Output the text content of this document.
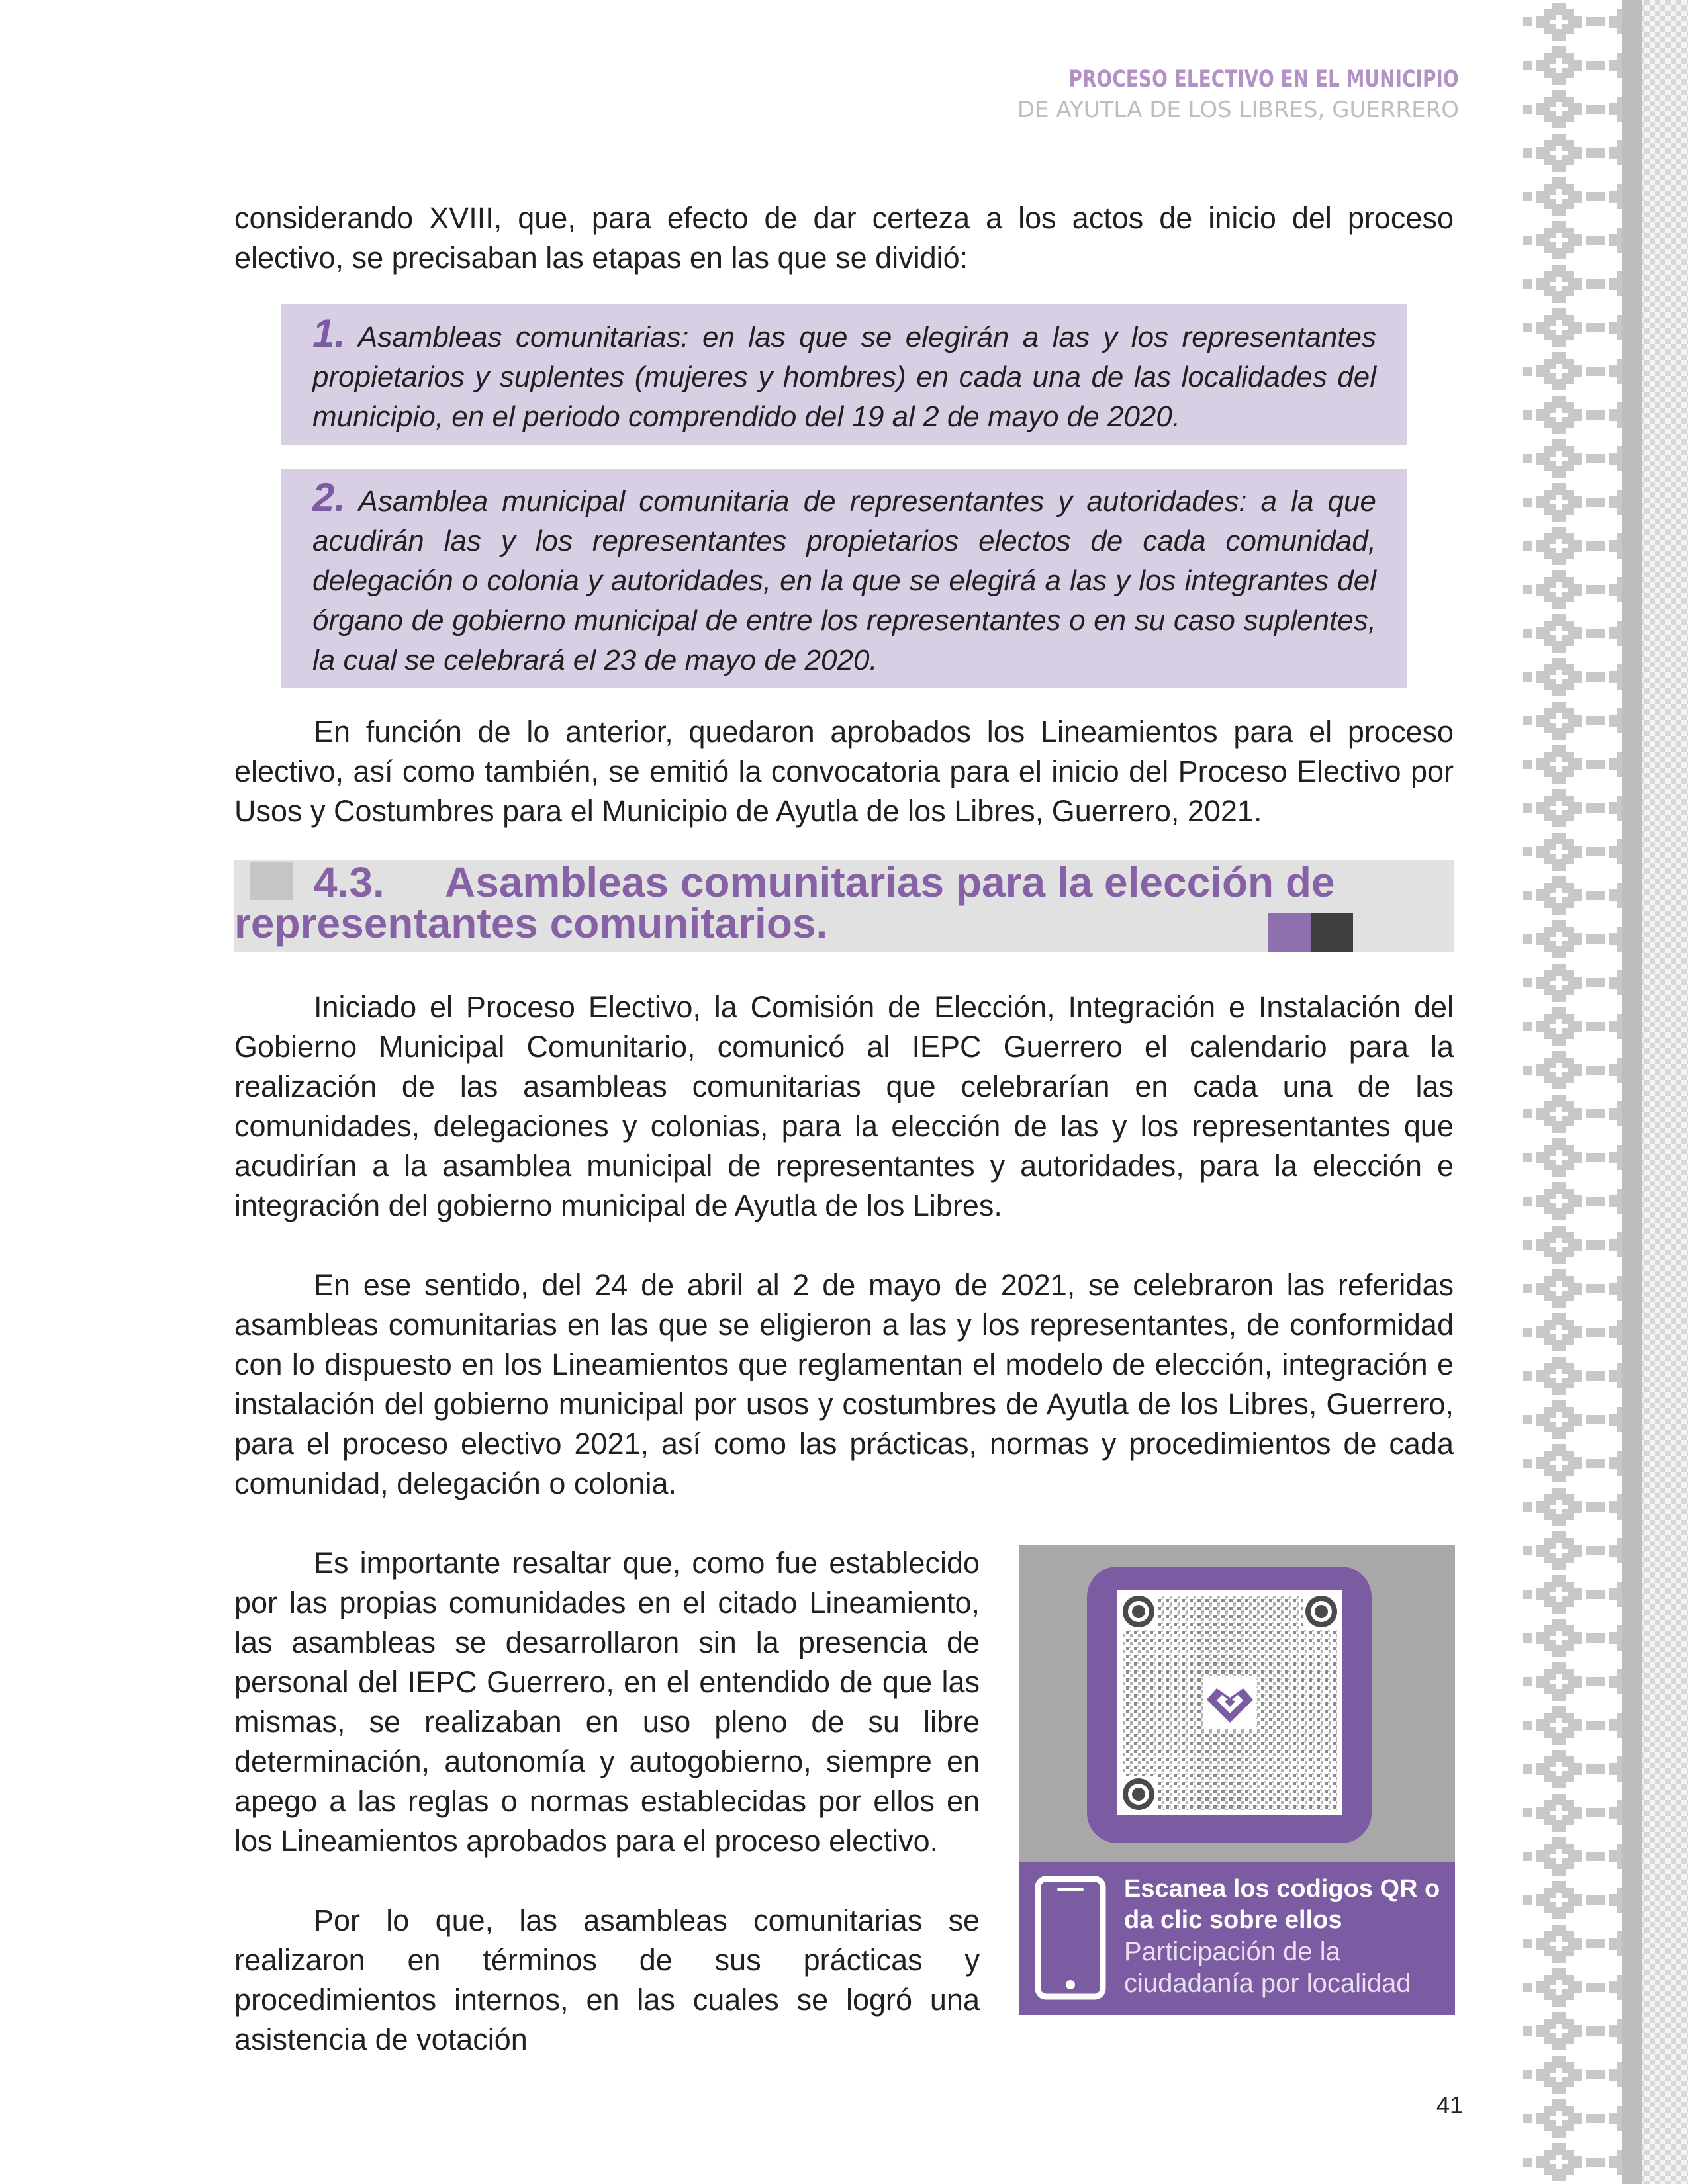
PROCESO ELECTIVO EN EL MUNICIPIO
DE AYUTLA DE LOS LIBRES, GUERRERO
considerando XVIII, que, para efecto de dar certeza a los actos de inicio del proceso electivo, se precisaban las etapas en las que se dividió:
1. Asambleas comunitarias: en las que se elegirán a las y los representantes propietarios y suplentes (mujeres y hombres) en cada una de las localidades del municipio, en el periodo comprendido del 19 al 2 de mayo de 2020.
2. Asamblea municipal comunitaria de representantes y autoridades: a la que acudirán las y los representantes propietarios electos de cada comunidad, delegación o colonia y autoridades, en la que se elegirá a las y los integrantes del órgano de gobierno municipal de entre los representantes o en su caso suplentes, la cual se celebrará el 23 de mayo de 2020.
En función de lo anterior, quedaron aprobados los Lineamientos para el proceso electivo, así como también, se emitió la convocatoria para el inicio del Proceso Electivo por Usos y Costumbres para el Municipio de Ayutla de los Libres, Guerrero, 2021.
4.3. Asambleas comunitarias para la elección de
representantes comunitarios.
Iniciado el Proceso Electivo, la Comisión de Elección, Integración e Instalación del Gobierno Municipal Comunitario, comunicó al IEPC Guerrero el calendario para la realización de las asambleas comunitarias que celebrarían en cada una de las comunidades, delegaciones y colonias, para la elección de las y los representantes que acudirían a la asamblea municipal de representantes y autoridades, para la elección e integración del gobierno municipal de Ayutla de los Libres.
En ese sentido, del 24 de abril al 2 de mayo de 2021, se celebraron las referidas asambleas comunitarias en las que se eligieron a las y los representantes, de conformidad con lo dispuesto en los Lineamientos que reglamentan el modelo de elección, integración e instalación del gobierno municipal por usos y costumbres de Ayutla de los Libres, Guerrero, para el proceso electivo 2021, así como las prácticas, normas y procedimientos de cada comunidad, delegación o colonia.
Es importante resaltar que, como fue establecido por las propias comunidades en el citado Lineamiento, las asambleas se desarrollaron sin la presencia de personal del IEPC Guerrero, en el entendido de que las mismas, se realizaban en uso pleno de su libre determinación, autonomía y autogobierno, siempre en apego a las reglas o normas establecidas por ellos en los Lineamientos aprobados para el proceso electivo.
Por lo que, las asambleas comunitarias se realizaron en términos de sus prácticas y procedimientos internos, en las cuales se logró una asistencia de votación
Escanea los codigos QR o da clic sobre ellos
Participación de la ciudadanía por localidad
41
